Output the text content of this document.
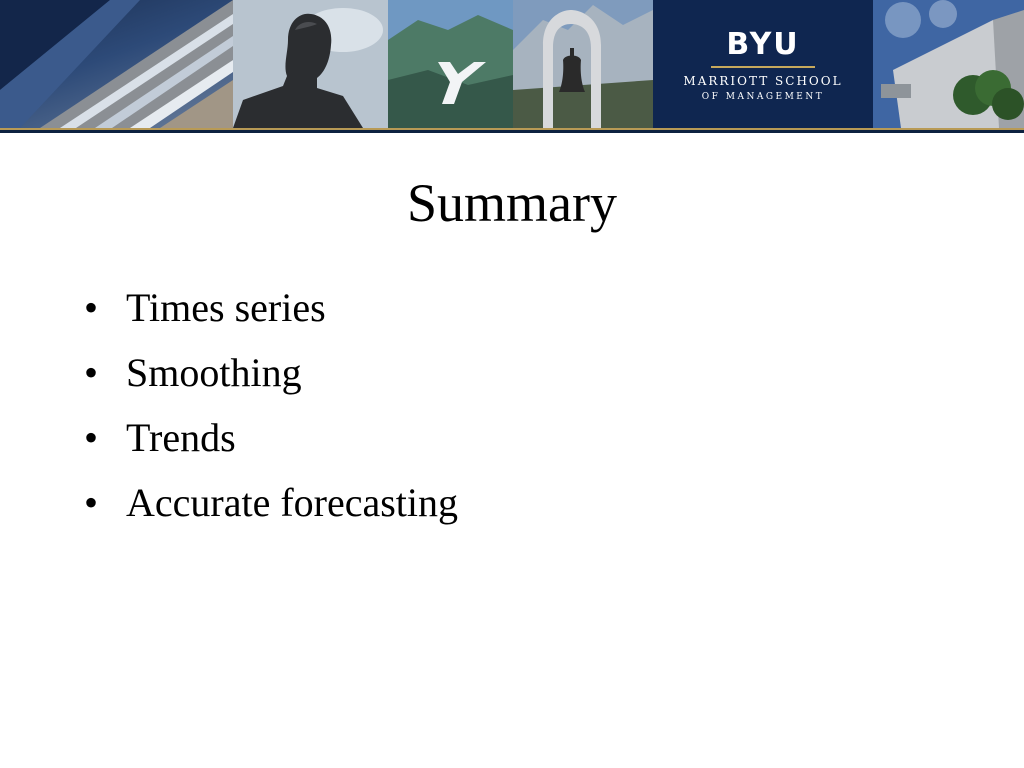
BYU
MARRIOTT SCHOOL
OF MANAGEMENT
Summary
• Times series
• Smoothing
• Trends
• Accurate forecasting
